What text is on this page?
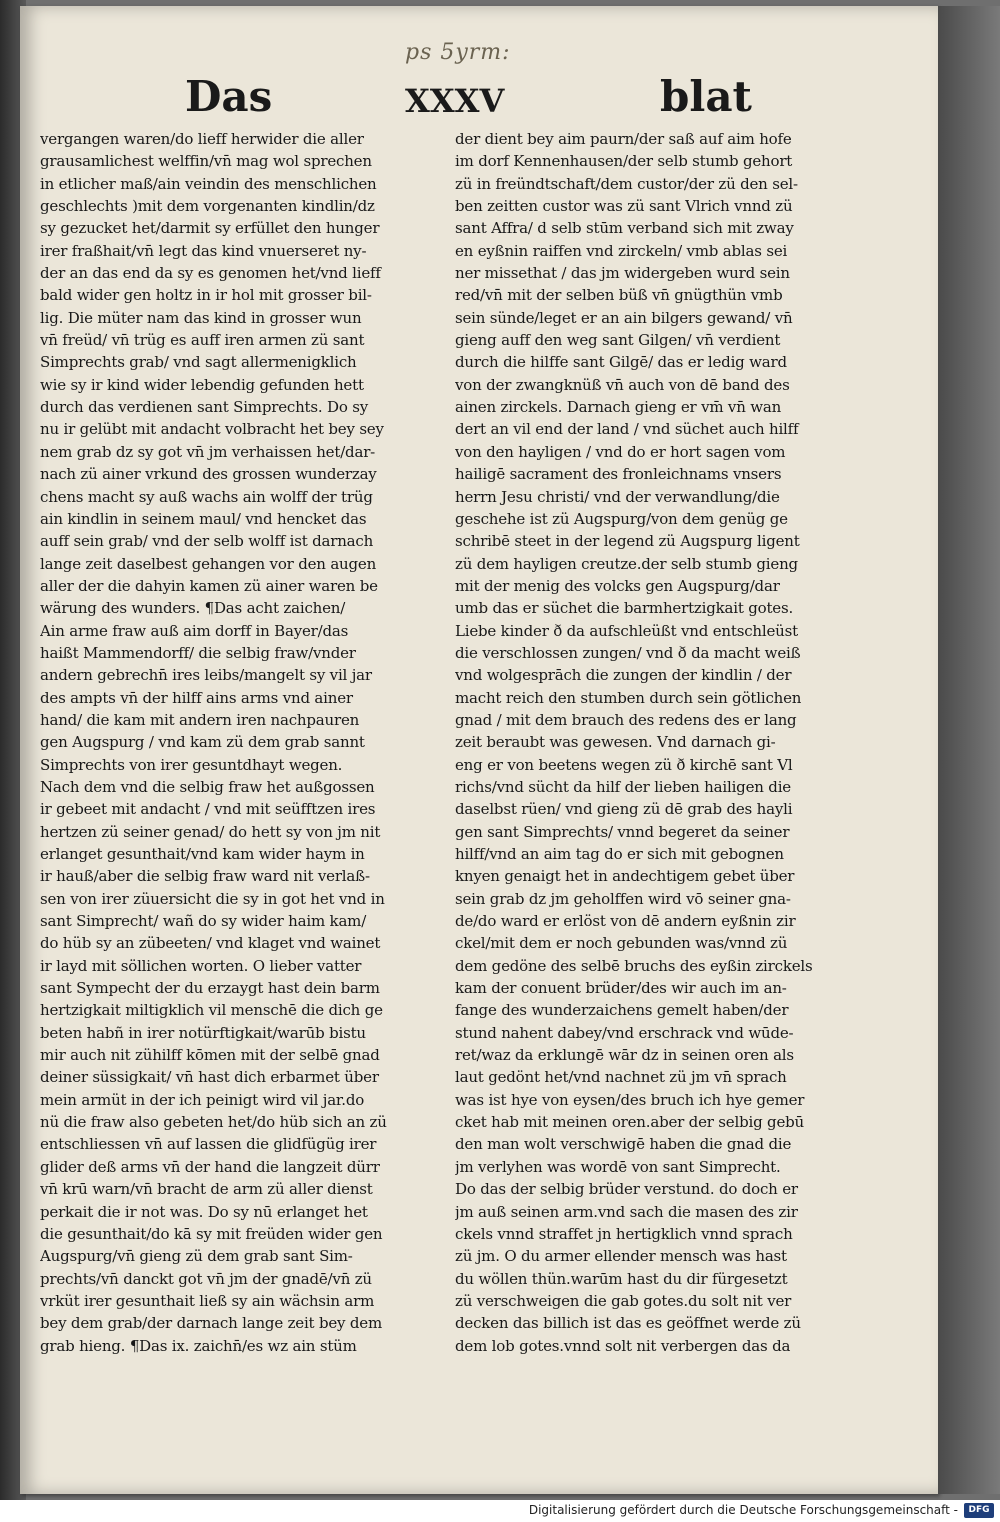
ps 5yrm:
Das	XXXV	blat
vergangen waren/do lieff herwider die aller
grausamlichest welffin/vn̄ mag wol sprechen
in etlicher maß/ain veindin des menschlichen
geschlechts )mit dem vorgenanten kindlin/dz
sy gezucket het/darmit sy erfüllet den hunger
irer fraßhait/vn̄ legt das kind vnuerseret ny-
der an das end da sy es genomen het/vnd lieff
bald wider gen holtz in ir hol mit grosser bil-
lig. Die müter nam das kind in grosser wun
vn̄ freüd/ vn̄ trüg es auff iren armen zü sant
Simprechts grab/ vnd sagt allermenigklich
wie sy ir kind wider lebendig gefunden hett
durch das verdienen sant Simprechts. Do sy
nu ir gelübt mit andacht volbracht het bey sey
nem grab dz sy got vn̄ jm verhaissen het/dar-
nach zü ainer vrkund des grossen wunderzay
chens macht sy auß wachs ain wolff der trüg
ain kindlin in seinem maul/ vnd hencket das
auff sein grab/ vnd der selb wolff ist darnach
lange zeit daselbest gehangen vor den augen
aller der die dahyin kamen zü ainer waren be
wärung des wunders. ¶Das acht zaichen/
Ain arme fraw auß aim dorff in Bayer/das
haißt Mammendorff/ die selbig fraw/vnder
andern gebrechn̄ ires leibs/mangelt sy vil jar
des ampts vn̄ der hilff ains arms vnd ainer
hand/ die kam mit andern iren nachpauren
gen Augspurg / vnd kam zü dem grab sannt
Simprechts von irer gesuntdhayt wegen.
Nach dem vnd die selbig fraw het außgossen
ir gebeet mit andacht / vnd mit seüfftzen ires
hertzen zü seiner genad/ do hett sy von jm nit
erlanget gesunthait/vnd kam wider haym in
ir hauß/aber die selbig fraw ward nit verlaß-
sen von irer züuersicht die sy in got het vnd in
sant Simprecht/ wañ do sy wider haim kam/
do hüb sy an zübeeten/ vnd klaget vnd wainet
ir layd mit söllichen worten. O lieber vatter
sant Sympecht der du erzaygt hast dein barm
hertzigkait miltigklich vil menschē die dich ge
beten habñ in irer notürftigkait/warūb bistu
mir auch nit zühilff kōmen mit der selbē gnad
deiner süssigkait/ vn̄ hast dich erbarmet über
mein armüt in der ich peinigt wird vil jar.do
nü die fraw also gebeten het/do hüb sich an zü
entschliessen vn̄ auf lassen die glidfügüg irer
glider deß arms vn̄ der hand die langzeit dürr
vn̄ krū warn/vn̄ bracht de arm zü aller dienst
perkait die ir not was. Do sy nū erlanget het
die gesunthait/do kā sy mit freüden wider gen
Augspurg/vn̄ gieng zü dem grab sant Sim-
prechts/vn̄ danckt got vn̄ jm der gnadē/vn̄ zü
vrküt irer gesunthait ließ sy ain wächsin arm
bey dem grab/der darnach lange zeit bey dem
grab hieng. ¶Das ix. zaichn̄/es wz ain stüm
der dient bey aim paurn/der saß auf aim hofe
im dorf Kennenhausen/der selb stumb gehort
zü in freündtschaft/dem custor/der zü den sel-
ben zeitten custor was zü sant Vlrich vnnd zü
sant Affra/ d selb stūm verband sich mit zway
en eyßnin raiffen vnd zirckeln/ vmb ablas sei
ner missethat / das jm widergeben wurd sein
red/vn̄ mit der selben büß vn̄ gnügthün vmb
sein sünde/leget er an ain bilgers gewand/ vn̄
gieng auff den weg sant Gilgen/ vn̄ verdient
durch die hilffe sant Gilgē/ das er ledig ward
von der zwangknüß vn̄ auch von dē band des
ainen zirckels. Darnach gieng er vm̄ vn̄ wan
dert an vil end der land / vnd süchet auch hilff
von den hayligen / vnd do er hort sagen vom
hailigē sacrament des fronleichnams vnsers
herrn Jesu christi/ vnd der verwandlung/die
geschehe ist zü Augspurg/von dem genüg ge
schribē steet in der legend zü Augspurg ligent
zü dem hayligen creutze.der selb stumb gieng
mit der menig des volcks gen Augspurg/dar
umb das er süchet die barmhertzigkait gotes.
Liebe kinder ð da aufschleüßt vnd entschleüst
die verschlossen zungen/ vnd ð da macht weiß
vnd wolgesprāch die zungen der kindlin / der
macht reich den stumben durch sein götlichen
gnad / mit dem brauch des redens des er lang
zeit beraubt was gewesen. Vnd darnach gi-
eng er von beetens wegen zü ð kirchē sant Vl
richs/vnd sücht da hilf der lieben hailigen die
daselbst rüen/ vnd gieng zü dē grab des hayli
gen sant Simprechts/ vnnd begeret da seiner
hilff/vnd an aim tag do er sich mit gebognen
knyen genaigt het in andechtigem gebet über
sein grab dz jm geholffen wird vō seiner gna-
de/do ward er erlöst von dē andern eyßnin zir
ckel/mit dem er noch gebunden was/vnnd zü
dem gedöne des selbē bruchs des eyßin zirckels
kam der conuent brüder/des wir auch im an-
fange des wunderzaichens gemelt haben/der
stund nahent dabey/vnd erschrack vnd wūde-
ret/waz da erklungē wār dz in seinen oren als
laut gedönt het/vnd nachnet zü jm vn̄ sprach
was ist hye von eysen/des bruch ich hye gemer
cket hab mit meinen oren.aber der selbig gebū
den man wolt verschwigē haben die gnad die
jm verlyhen was wordē von sant Simprecht.
Do das der selbig brüder verstund. do doch er
jm auß seinen arm.vnd sach die masen des zir
ckels vnnd straffet jn hertigklich vnnd sprach
zü jm. O du armer ellender mensch was hast
du wöllen thün.warūm hast du dir fürgesetzt
zü verschweigen die gab gotes.du solt nit ver
decken das billich ist das es geöffnet werde zü
dem lob gotes.vnnd solt nit verbergen das da
Digitalisierung gefördert durch die Deutsche Forschungsgemeinschaft -	DFG
